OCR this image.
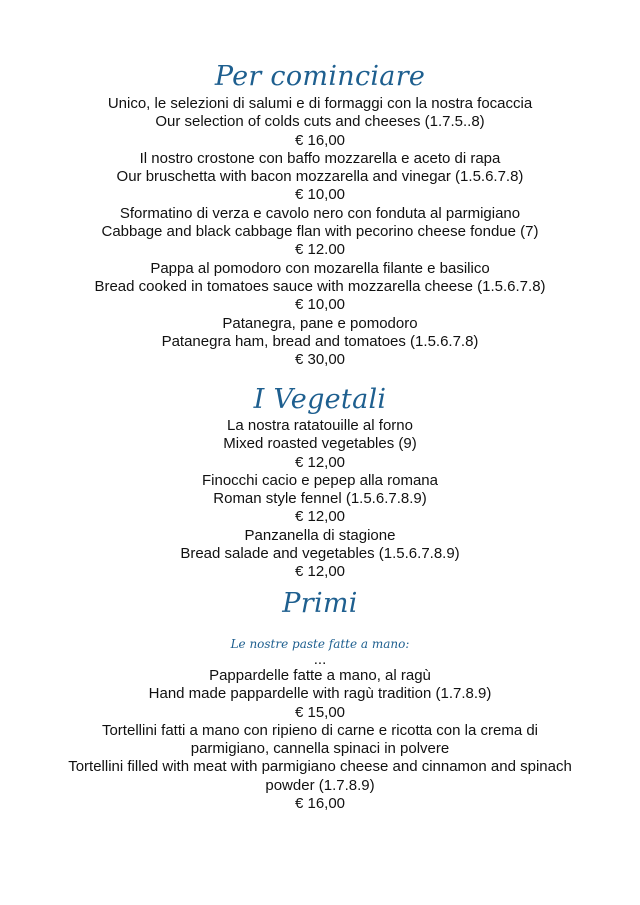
Per cominciare
Unico, le selezioni di salumi e di formaggi con la nostra focaccia
Our selection of colds cuts and cheeses (1.7.5..8)
€ 16,00
Il nostro crostone con baffo mozzarella e aceto di rapa
Our bruschetta with bacon mozzarella and vinegar (1.5.6.7.8)
€ 10,00
Sformatino di verza e cavolo nero con fonduta al parmigiano
Cabbage and black cabbage flan with pecorino cheese fondue (7)
€ 12.00
Pappa al pomodoro con mozarella filante e basilico
Bread cooked in tomatoes sauce with mozzarella cheese (1.5.6.7.8)
€ 10,00
Patanegra, pane e pomodoro
Patanegra ham, bread and tomatoes (1.5.6.7.8)
€ 30,00
I Vegetali
La nostra ratatouille al forno
Mixed roasted vegetables (9)
€ 12,00
Finocchi cacio e pepep alla romana
Roman style fennel (1.5.6.7.8.9)
€ 12,00
Panzanella di stagione
Bread salade and vegetables (1.5.6.7.8.9)
€ 12,00
Primi
Le nostre paste fatte a mano:
...
Pappardelle fatte a mano, al ragù
Hand made pappardelle with ragù tradition (1.7.8.9)
€ 15,00
Tortellini fatti a mano con ripieno di carne e ricotta con la crema di
parmigiano, cannella spinaci in polvere
Tortellini filled with meat with parmigiano cheese and cinnamon and spinach
powder (1.7.8.9)
€ 16,00
